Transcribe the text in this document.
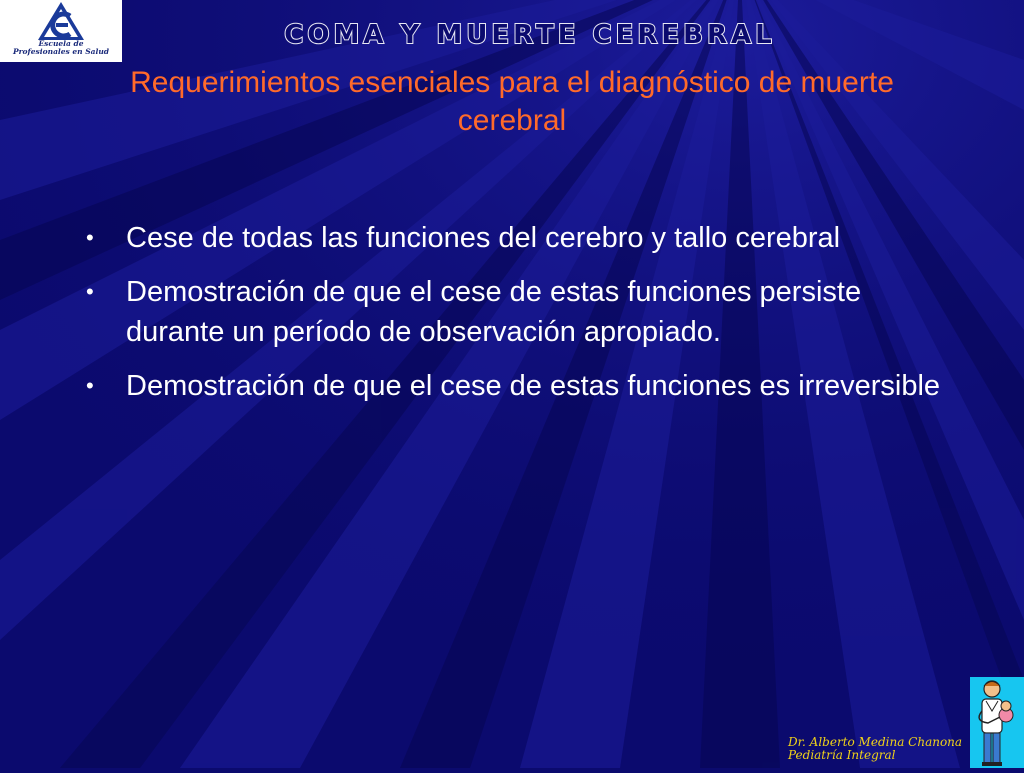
Escuela de
Profesionales en Salud
COMA Y MUERTE CEREBRAL
Requerimientos esenciales para el diagnóstico de muerte cerebral
• Cese de todas las funciones del cerebro y tallo cerebral
• Demostración de que el cese de estas funciones persiste durante un período de observación apropiado.
• Demostración de que el cese de estas funciones es irreversible
Dr. Alberto Medina Chanona
Pediatría Integral
